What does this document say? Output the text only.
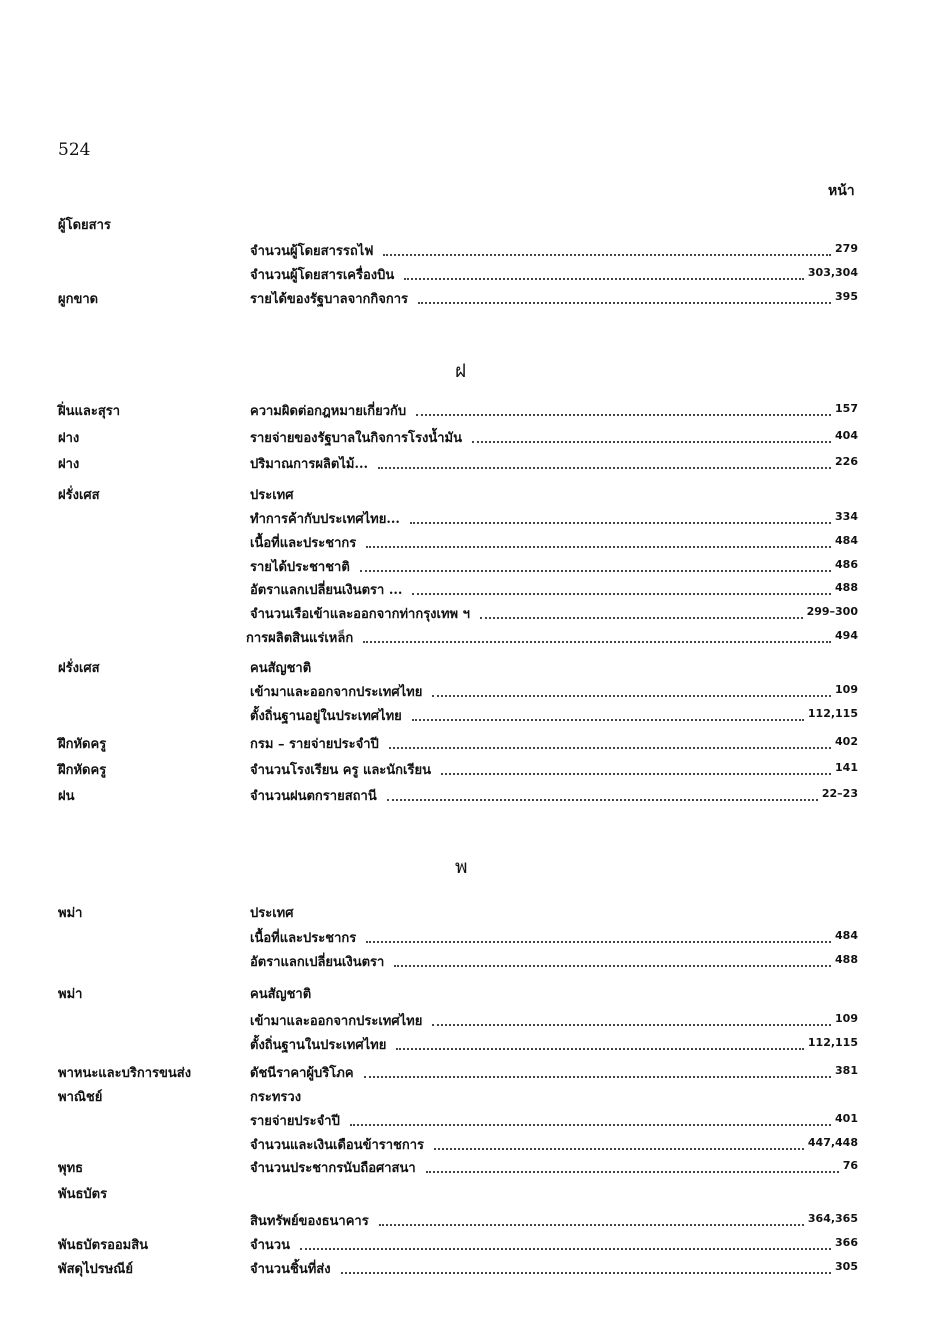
524
หน้า
ฝ
พ
ผู้โดยสาร
จำนวนผู้โดยสารรถไฟ	279
จำนวนผู้โดยสารเครื่องบิน	303,304
ผูกขาด	รายได้ของรัฐบาลจากกิจการ	395
ฝิ่นและสุรา	ความผิดต่อกฎหมายเกี่ยวกับ	157
ฝาง	รายจ่ายของรัฐบาลในกิจการโรงน้ำมัน	404
ฝาง	ปริมาณการผลิตไม้...	226
ฝรั่งเศส	ประเทศ
ทำการค้ากับประเทศไทย...	334
เนื้อที่และประชากร	484
รายได้ประชาชาติ	486
อัตราแลกเปลี่ยนเงินตรา ...	488
จำนวนเรือเข้าและออกจากท่ากรุงเทพ ฯ	299–300
การผลิตสินแร่เหล็ก	494
ฝรั่งเศส	คนสัญชาติ
เข้ามาและออกจากประเทศไทย	109
ตั้งถิ่นฐานอยู่ในประเทศไทย	112,115
ฝึกหัดครู	กรม – รายจ่ายประจำปี	402
ฝึกหัดครู	จำนวนโรงเรียน ครู และนักเรียน	141
ฝน	จำนวนฝนตกรายสถานี	22–23
พม่า	ประเทศ
เนื้อที่และประชากร	484
อัตราแลกเปลี่ยนเงินตรา	488
พม่า	คนสัญชาติ
เข้ามาและออกจากประเทศไทย	109
ตั้งถิ่นฐานในประเทศไทย	112,115
พาหนะและบริการขนส่ง	ดัชนีราคาผู้บริโภค	381
พาณิชย์	กระทรวง
รายจ่ายประจำปี	401
จำนวนและเงินเดือนข้าราชการ	447,448
พุทธ	จำนวนประชากรนับถือศาสนา	76
พันธบัตร
สินทรัพย์ของธนาคาร	364,365
พันธบัตรออมสิน	จำนวน	366
พัสดุไปรษณีย์	จำนวนชิ้นที่ส่ง	305
